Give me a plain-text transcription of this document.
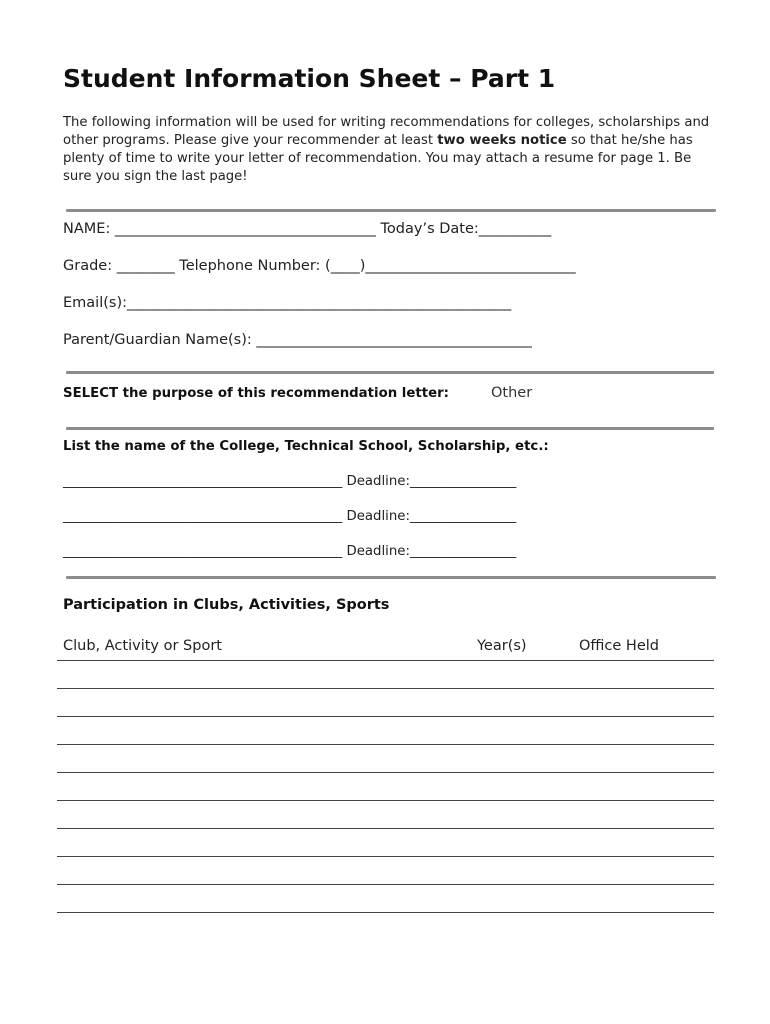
Student Information Sheet – Part 1
The following information will be used for writing recommendations for colleges, scholarships and other programs. Please give your recommender at least two weeks notice so that he/she has plenty of time to write your letter of recommendation. You may attach a resume for page 1. Be sure you sign the last page!
NAME: ____________________________________ Today’s Date:__________
Grade: ________ Telephone Number: (____)_____________________________
Email(s):_____________________________________________________
Parent/Guardian Name(s): ______________________________________
SELECT the purpose of this recommendation letter:	Other
List the name of the College, Technical School, Scholarship, etc.:
__________________________________________ Deadline:________________
__________________________________________ Deadline:________________
__________________________________________ Deadline:________________
Participation in Clubs, Activities, Sports
Club, Activity or Sport	Year(s)	Office Held
